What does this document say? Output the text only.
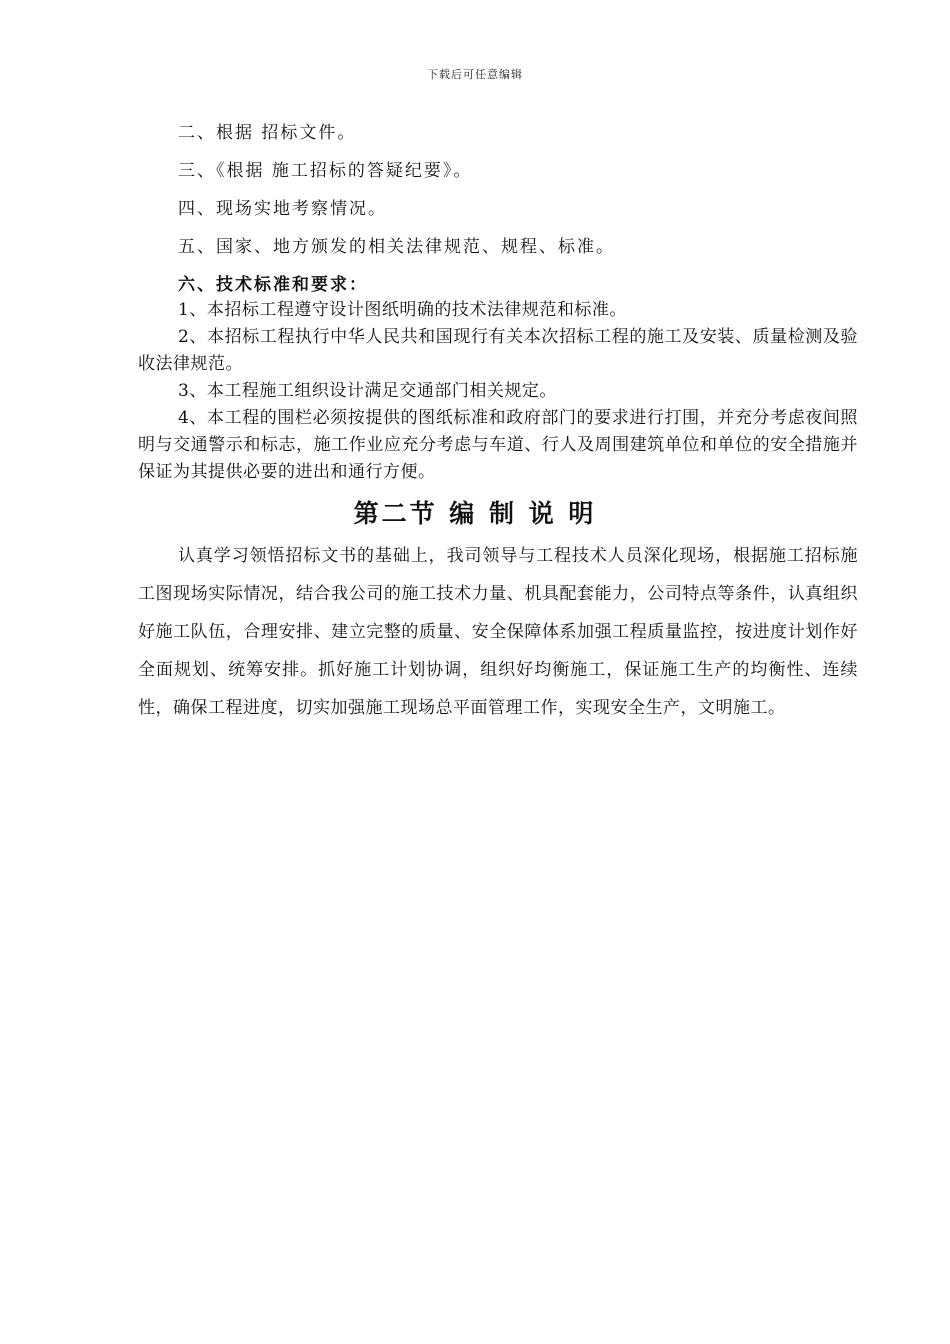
下载后可任意编辑
二、根据 招标文件。
三、《根据 施工招标的答疑纪要》。
四、现场实地考察情况。
五、国家、地方颁发的相关法律规范、规程、标准。
六、技术标准和要求：
1、本招标工程遵守设计图纸明确的技术法律规范和标准。
2、本招标工程执行中华人民共和国现行有关本次招标工程的施工及安装、质量检测及验收法律规范。
3、本工程施工组织设计满足交通部门相关规定。
4、本工程的围栏必须按提供的图纸标准和政府部门的要求进行打围，并充分考虑夜间照明与交通警示和标志，施工作业应充分考虑与车道、行人及周围建筑单位和单位的安全措施并保证为其提供必要的进出和通行方便。
第二节 编 制 说 明
认真学习领悟招标文书的基础上，我司领导与工程技术人员深化现场，根据施工招标施工图现场实际情况，结合我公司的施工技术力量、机具配套能力，公司特点等条件，认真组织好施工队伍，合理安排、建立完整的质量、安全保障体系加强工程质量监控，按进度计划作好全面规划、统筹安排。抓好施工计划协调，组织好均衡施工，保证施工生产的均衡性、连续性，确保工程进度，切实加强施工现场总平面管理工作，实现安全生产，文明施工。
